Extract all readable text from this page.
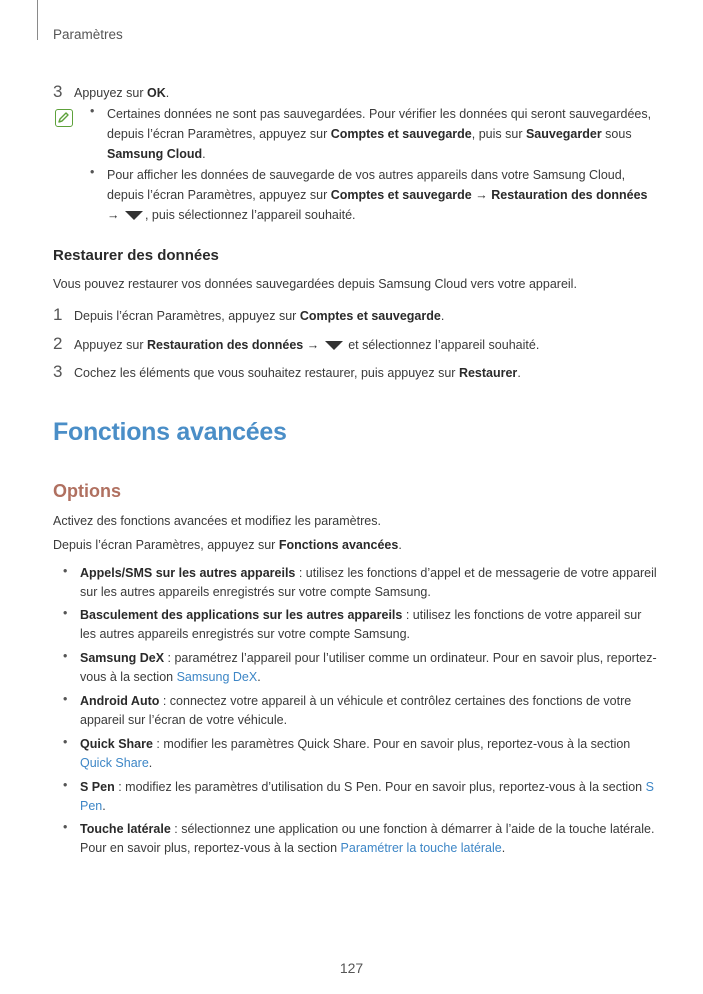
Paramètres
3 Appuyez sur OK.
• Certaines données ne sont pas sauvegardées. Pour vérifier les données qui seront sauvegardées, depuis l’écran Paramètres, appuyez sur Comptes et sauvegarde, puis sur Sauvegarder sous Samsung Cloud.
• Pour afficher les données de sauvegarde de vos autres appareils dans votre Samsung Cloud, depuis l’écran Paramètres, appuyez sur Comptes et sauvegarde → Restauration des données → , puis sélectionnez l’appareil souhaité.
Restaurer des données
Vous pouvez restaurer vos données sauvegardées depuis Samsung Cloud vers votre appareil.
1 Depuis l’écran Paramètres, appuyez sur Comptes et sauvegarde.
2 Appuyez sur Restauration des données →  et sélectionnez l’appareil souhaité.
3 Cochez les éléments que vous souhaitez restaurer, puis appuyez sur Restaurer.
Fonctions avancées
Options
Activez des fonctions avancées et modifiez les paramètres.
Depuis l’écran Paramètres, appuyez sur Fonctions avancées.
• Appels/SMS sur les autres appareils : utilisez les fonctions d’appel et de messagerie de votre appareil sur les autres appareils enregistrés sur votre compte Samsung.
• Basculement des applications sur les autres appareils : utilisez les fonctions de votre appareil sur les autres appareils enregistrés sur votre compte Samsung.
• Samsung DeX : paramétrez l’appareil pour l’utiliser comme un ordinateur. Pour en savoir plus, reportez-vous à la section Samsung DeX.
• Android Auto : connectez votre appareil à un véhicule et contrôlez certaines des fonctions de votre appareil sur l’écran de votre véhicule.
• Quick Share : modifier les paramètres Quick Share. Pour en savoir plus, reportez-vous à la section Quick Share.
• S Pen : modifiez les paramètres d’utilisation du S Pen. Pour en savoir plus, reportez-vous à la section S Pen.
• Touche latérale : sélectionnez une application ou une fonction à démarrer à l’aide de la touche latérale. Pour en savoir plus, reportez-vous à la section Paramétrer la touche latérale.
127
